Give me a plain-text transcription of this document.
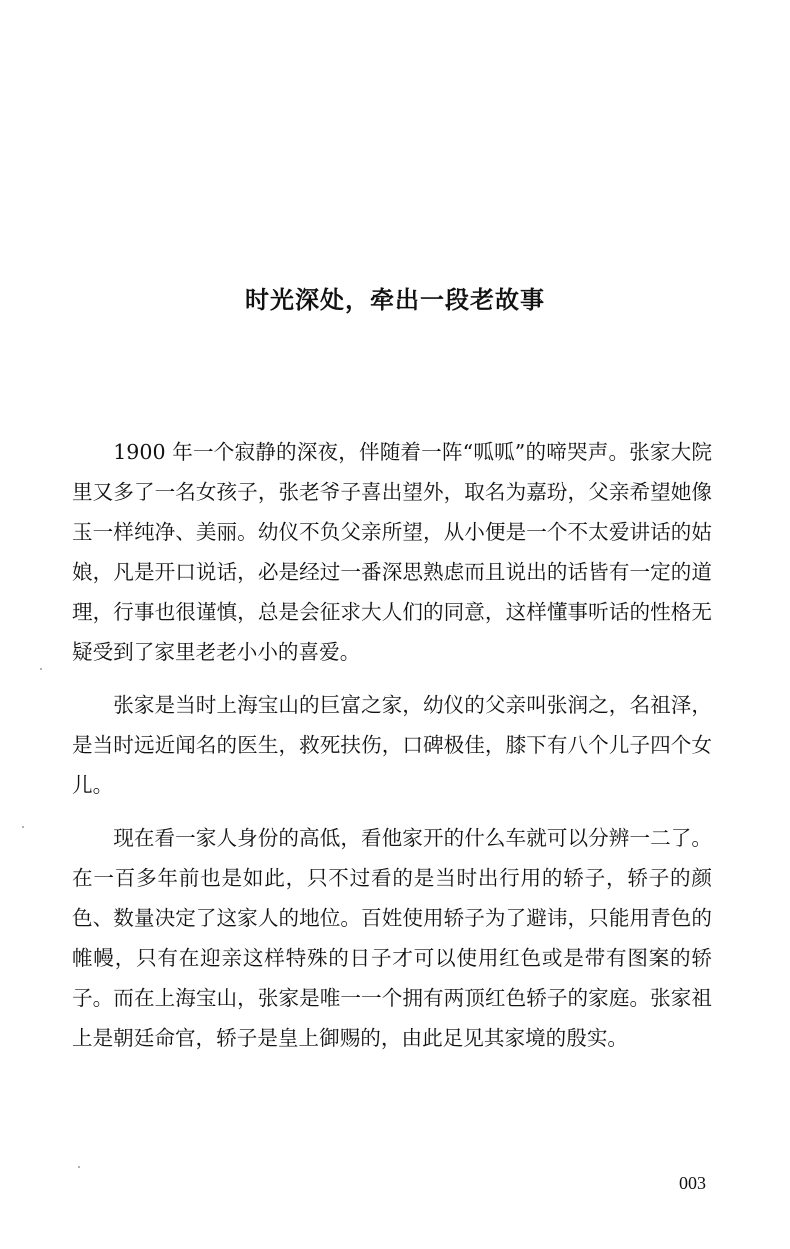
时光深处，牵出一段老故事

1900 年一个寂静的深夜，伴随着一阵“呱呱”的啼哭声。张家大院里又多了一名女孩子，张老爷子喜出望外，取名为嘉玢，父亲希望她像玉一样纯净、美丽。幼仪不负父亲所望，从小便是一个不太爱讲话的姑娘，凡是开口说话，必是经过一番深思熟虑而且说出的话皆有一定的道理，行事也很谨慎，总是会征求大人们的同意，这样懂事听话的性格无疑受到了家里老老小小的喜爱。

张家是当时上海宝山的巨富之家，幼仪的父亲叫张润之，名祖泽，是当时远近闻名的医生，救死扶伤，口碑极佳，膝下有八个儿子四个女儿。

现在看一家人身份的高低，看他家开的什么车就可以分辨一二了。在一百多年前也是如此，只不过看的是当时出行用的轿子，轿子的颜色、数量决定了这家人的地位。百姓使用轿子为了避讳，只能用青色的帷幔，只有在迎亲这样特殊的日子才可以使用红色或是带有图案的轿子。而在上海宝山，张家是唯一一个拥有两顶红色轿子的家庭。张家祖上是朝廷命官，轿子是皇上御赐的，由此足见其家境的殷实。

003
